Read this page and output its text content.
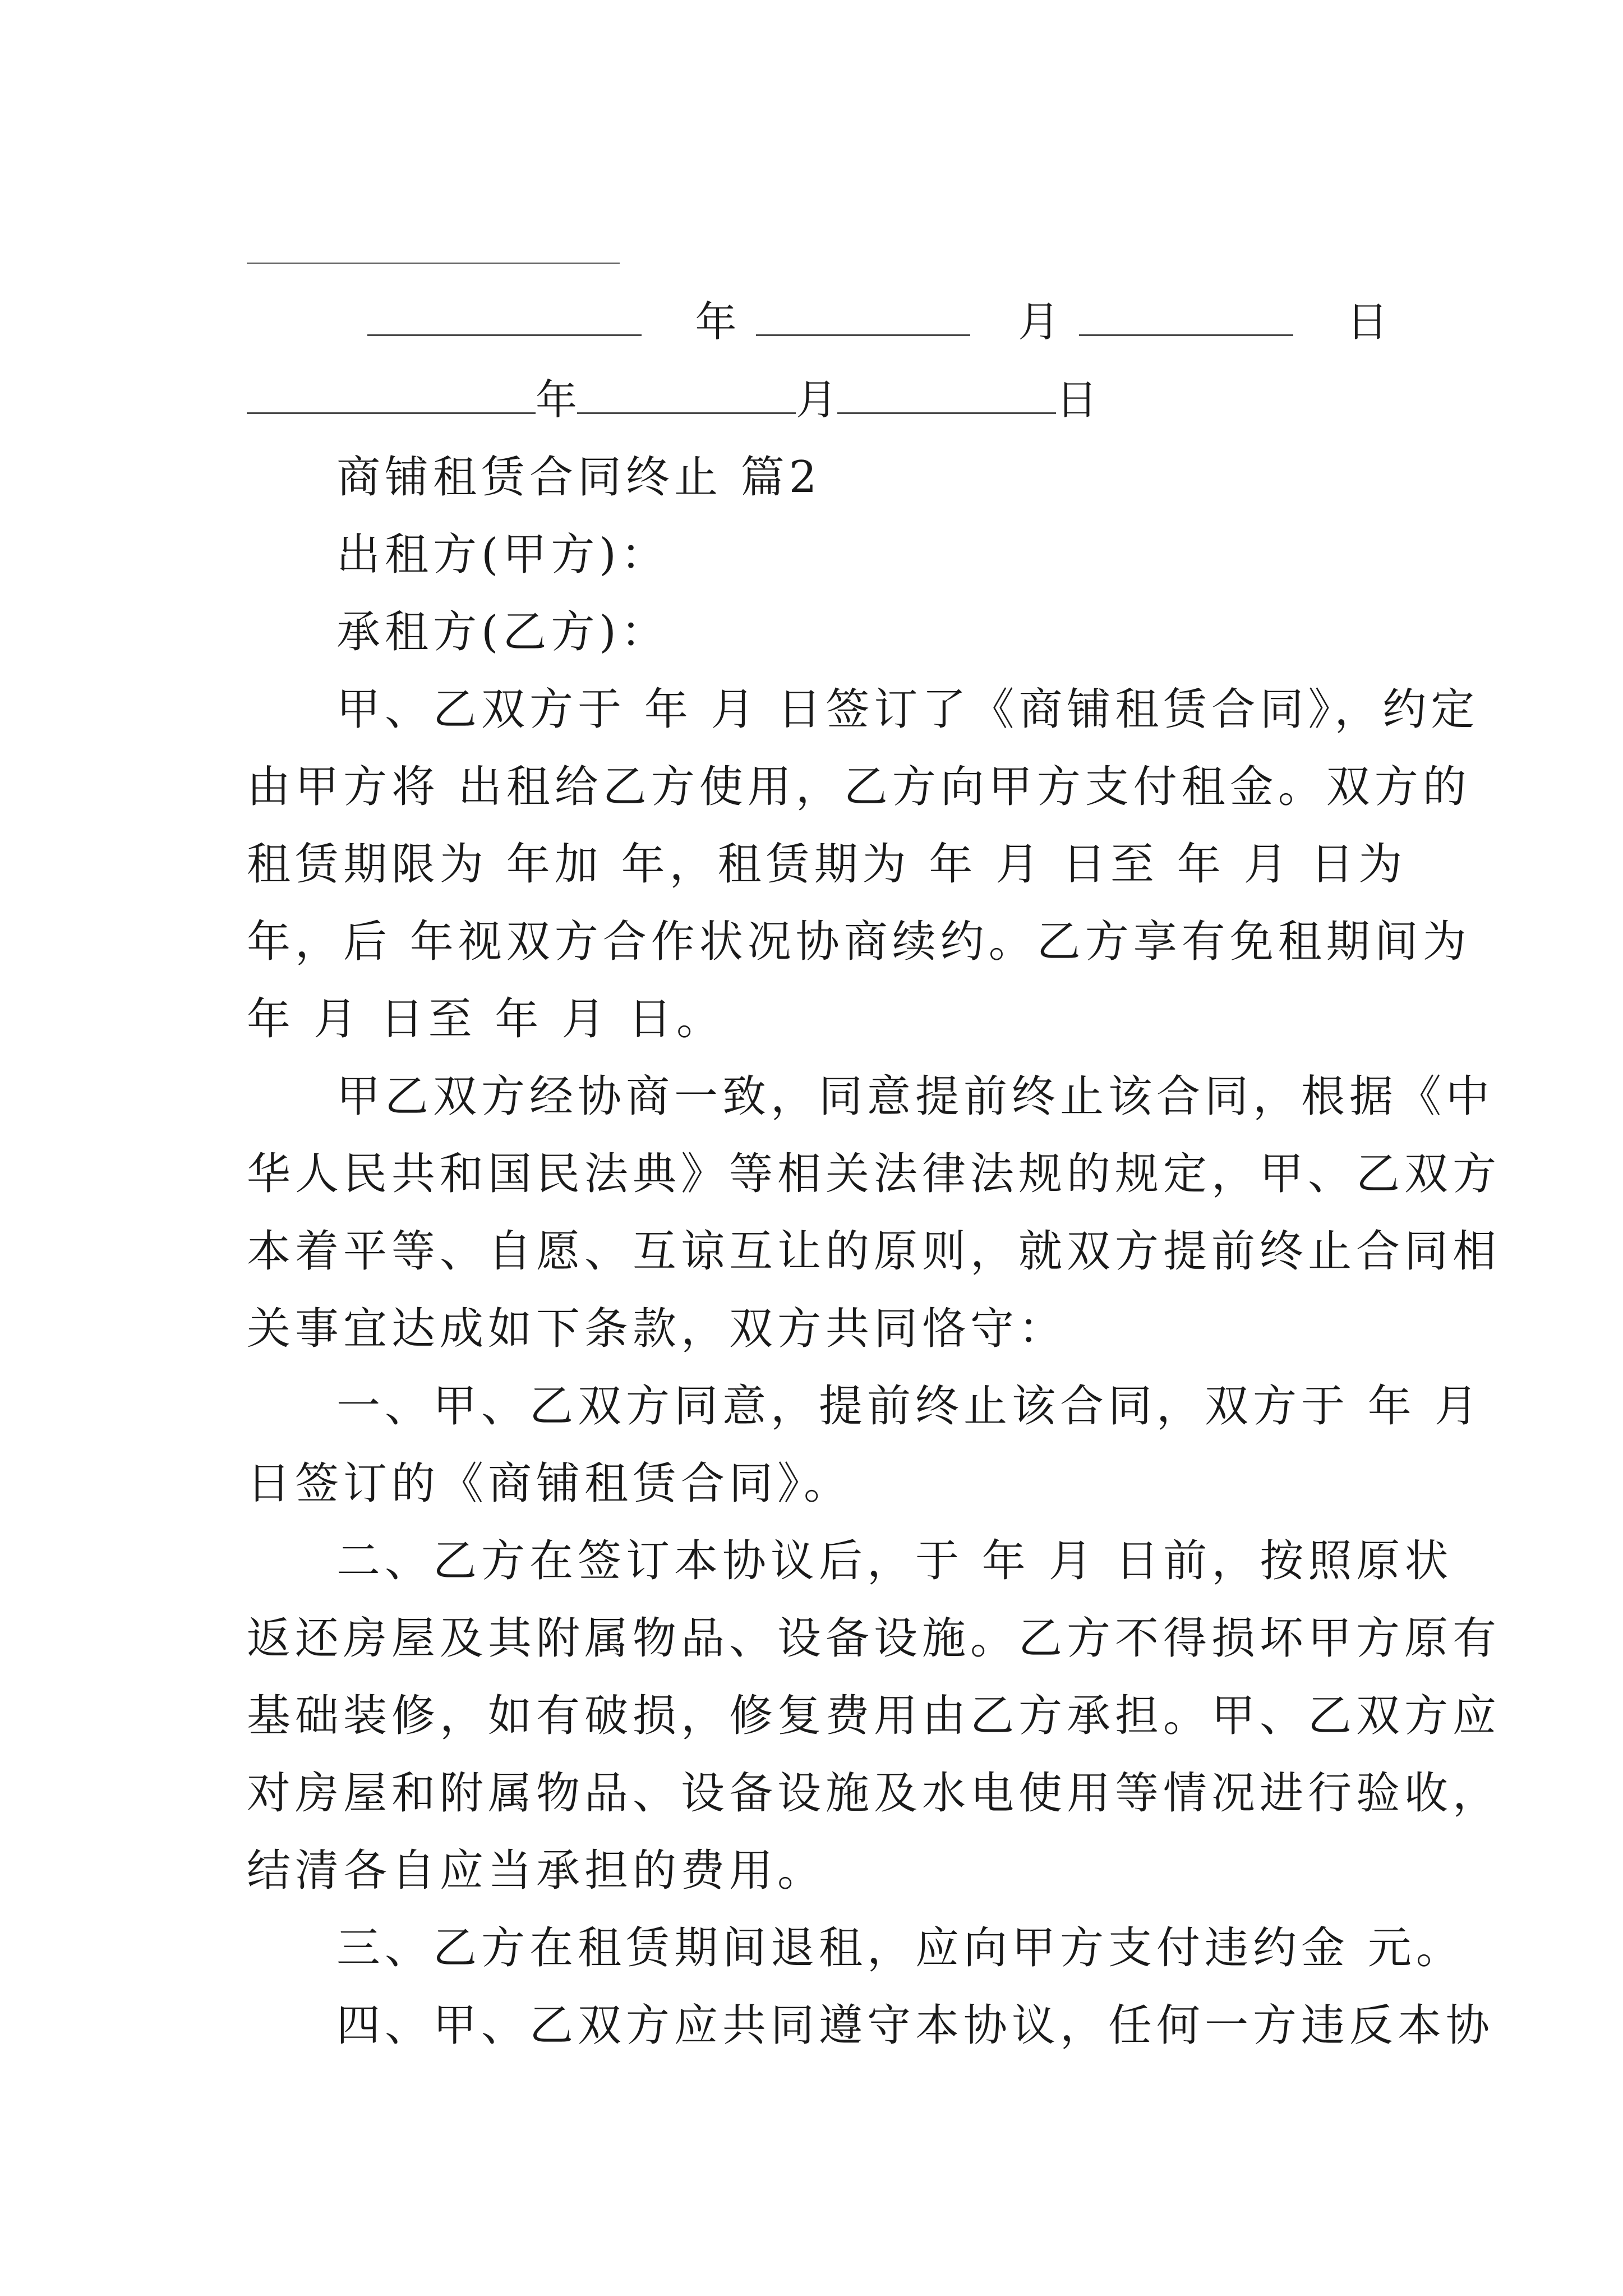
年	月	日
年	月	日
商铺租赁合同终止 篇2
出租方(甲方)：
承租方(乙方)：
甲、乙双方于 年 月 日签订了《商铺租赁合同》，约定
由甲方将 出租给乙方使用，乙方向甲方支付租金。双方的
租赁期限为 年加 年，租赁期为 年 月 日至 年 月 日为
年，后 年视双方合作状况协商续约。乙方享有免租期间为
年 月 日至 年 月 日。
甲乙双方经协商一致，同意提前终止该合同，根据《中
华人民共和国民法典》等相关法律法规的规定，甲、乙双方
本着平等、自愿、互谅互让的原则，就双方提前终止合同相
关事宜达成如下条款，双方共同恪守：
一、甲、乙双方同意，提前终止该合同，双方于 年 月
日签订的《商铺租赁合同》。
二、乙方在签订本协议后，于 年 月 日前，按照原状
返还房屋及其附属物品、设备设施。乙方不得损坏甲方原有
基础装修，如有破损，修复费用由乙方承担。甲、乙双方应
对房屋和附属物品、设备设施及水电使用等情况进行验收，
结清各自应当承担的费用。
三、乙方在租赁期间退租，应向甲方支付违约金 元。
四、甲、乙双方应共同遵守本协议，任何一方违反本协
